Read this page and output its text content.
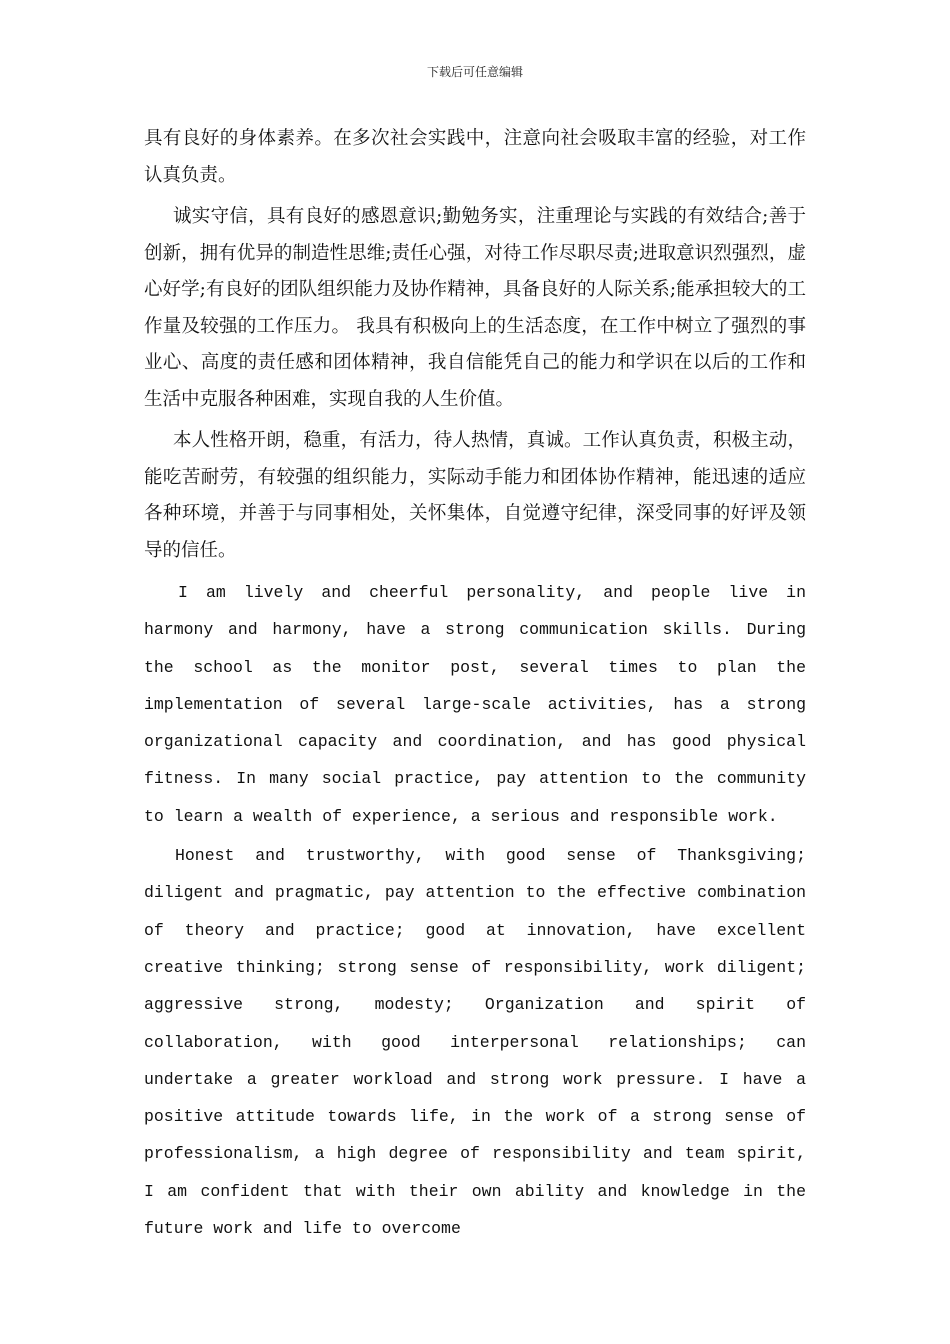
下载后可任意编辑

具有良好的身体素养。在多次社会实践中，注意向社会吸取丰富的经验，对工作认真负责。

诚实守信，具有良好的感恩意识;勤勉务实，注重理论与实践的有效结合;善于创新，拥有优异的制造性思维;责任心强，对待工作尽职尽责;进取意识烈强烈，虚心好学;有良好的团队组织能力及协作精神，具备良好的人际关系;能承担较大的工作量及较强的工作压力。 我具有积极向上的生活态度，在工作中树立了强烈的事业心、高度的责任感和团体精神，我自信能凭自己的能力和学识在以后的工作和生活中克服各种困难，实现自我的人生价值。

本人性格开朗，稳重，有活力，待人热情，真诚。工作认真负责，积极主动，能吃苦耐劳，有较强的组织能力，实际动手能力和团体协作精神，能迅速的适应各种环境，并善于与同事相处，关怀集体，自觉遵守纪律，深受同事的好评及领导的信任。

I am lively and cheerful personality, and people live in harmony and harmony, have a strong communication skills. During the school as the monitor post, several times to plan the implementation of several large-scale activities, has a strong organizational capacity and coordination, and has good physical fitness. In many social practice, pay attention to the community to learn a wealth of experience, a serious and responsible work.

Honest and trustworthy, with good sense of Thanksgiving; diligent and pragmatic, pay attention to the effective combination of theory and practice; good at innovation, have excellent creative thinking; strong sense of responsibility, work diligent; aggressive strong, modesty; Organization and spirit of collaboration, with good interpersonal relationships; can undertake a greater workload and strong work pressure. I have a positive attitude towards life, in the work of a strong sense of professionalism, a high degree of responsibility and team spirit, I am confident that with their own ability and knowledge in the future work and life to overcome
